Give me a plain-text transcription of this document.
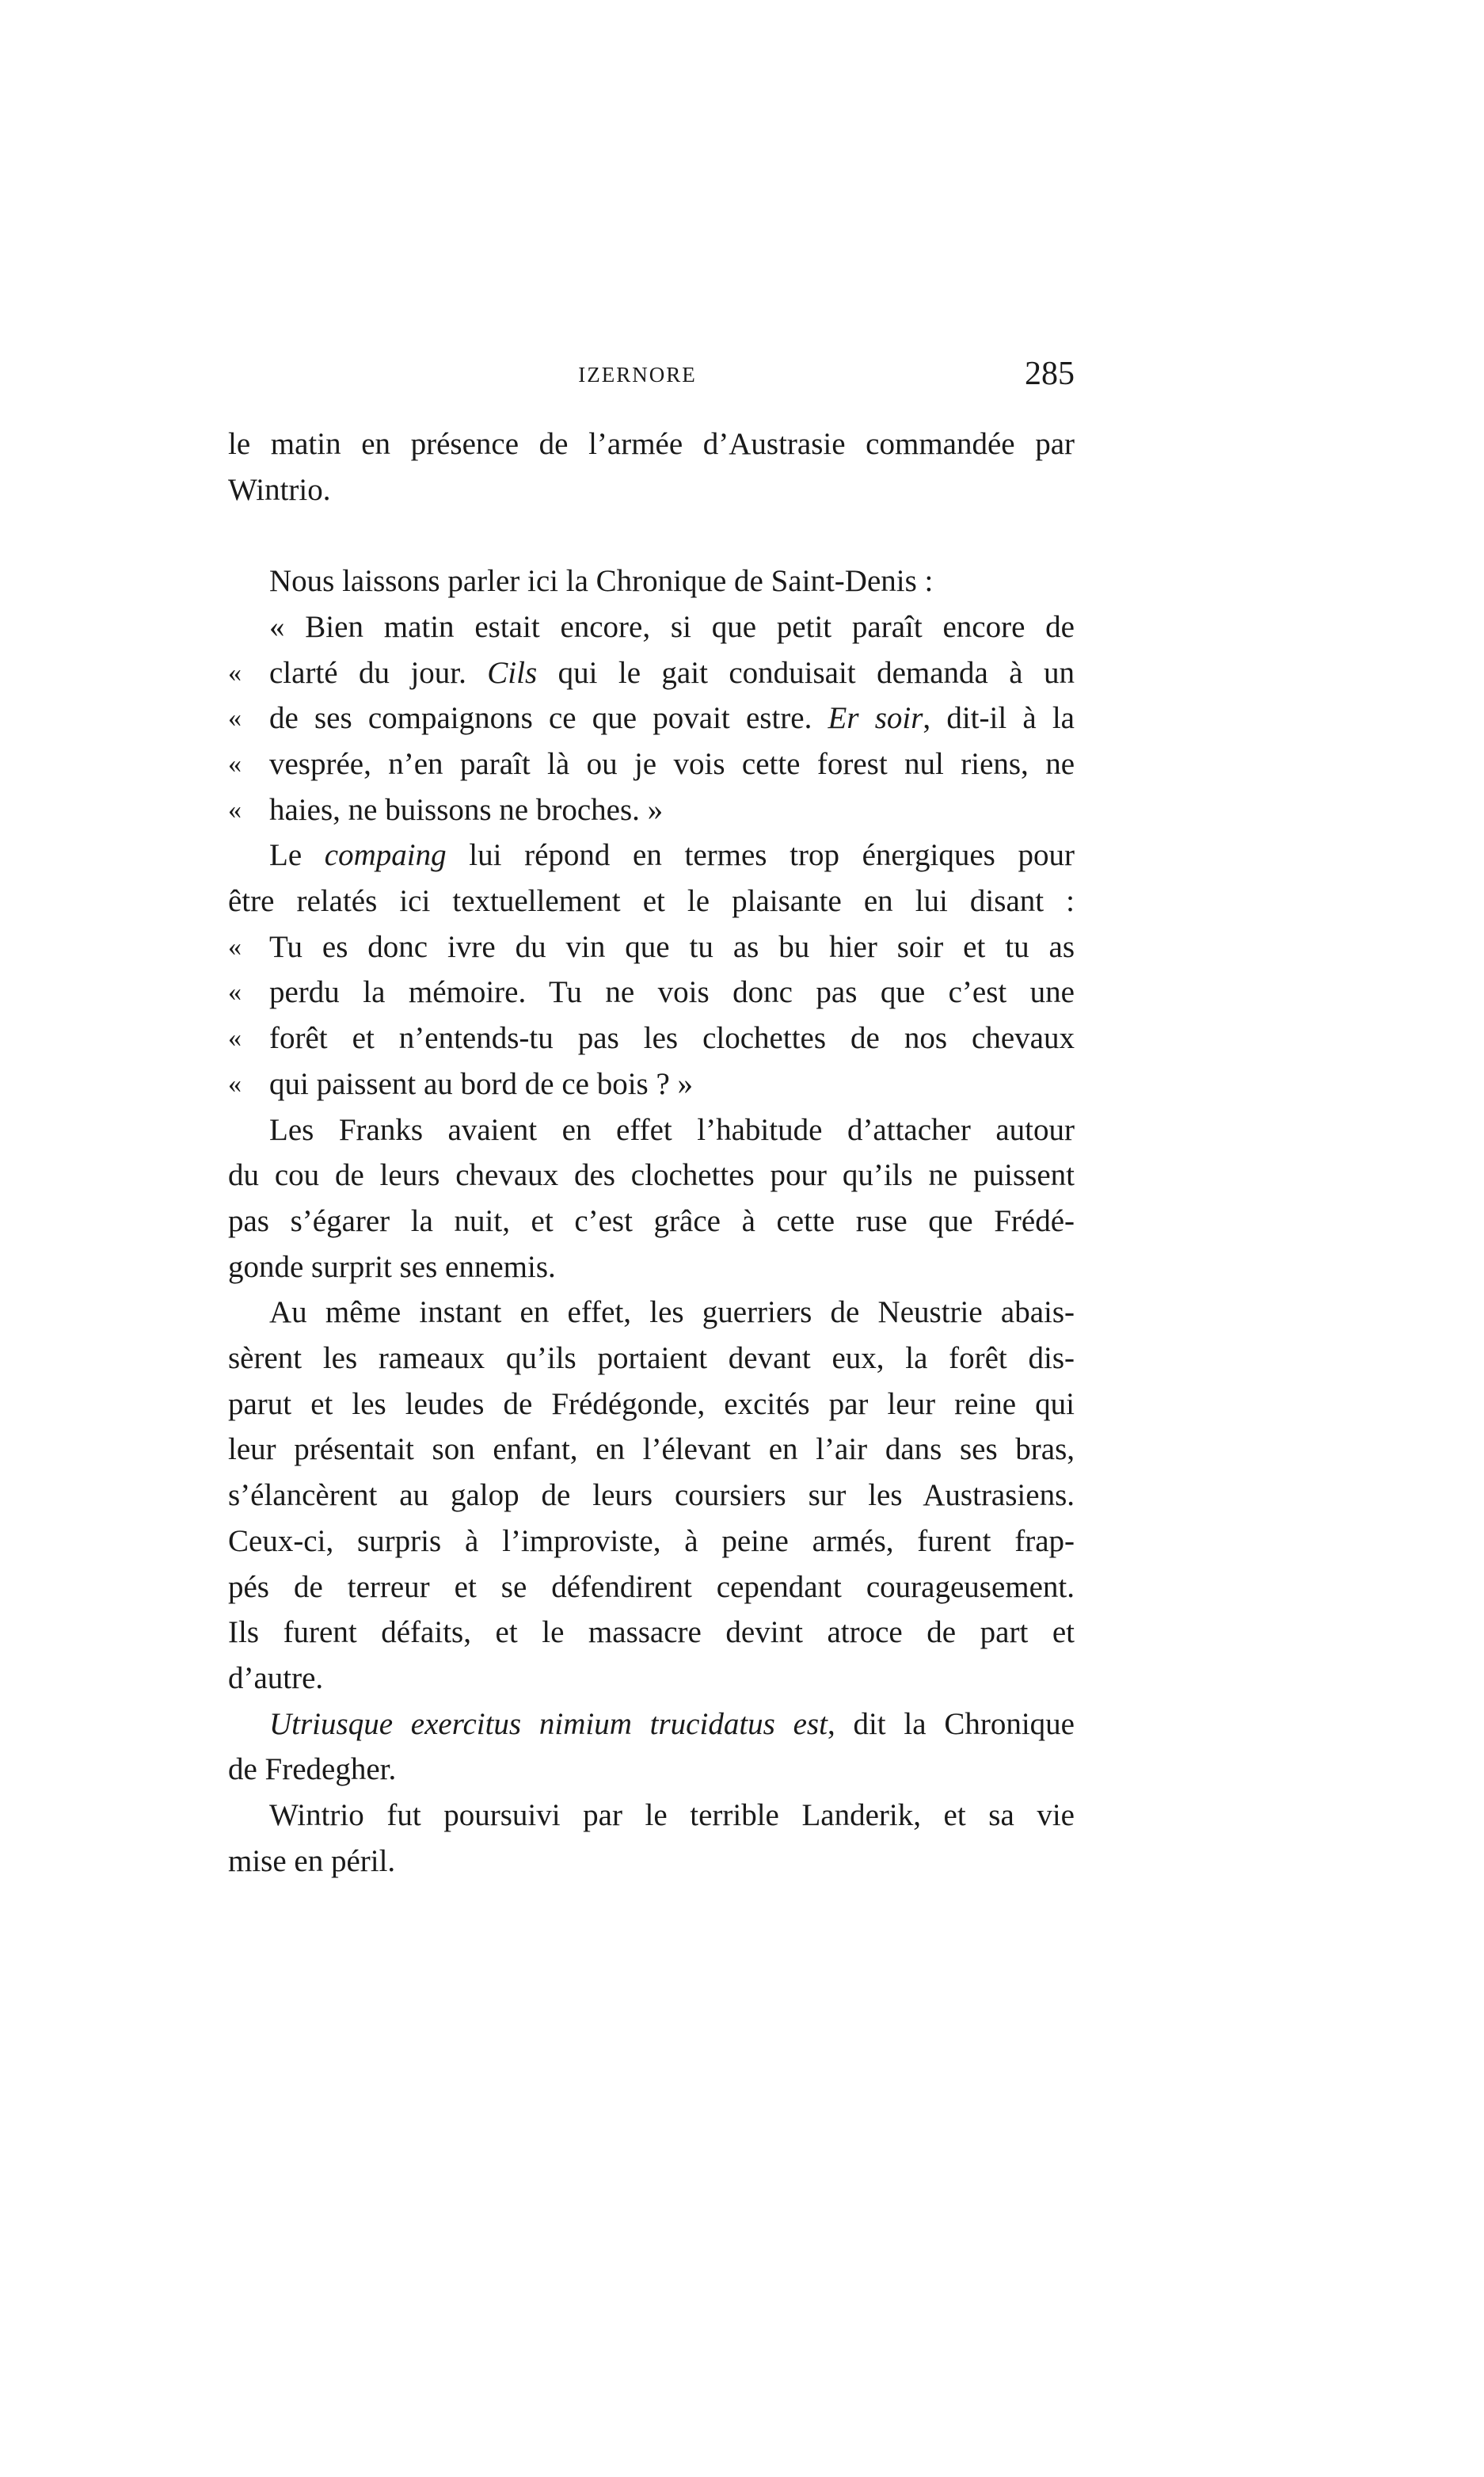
IZERNORE	285
le matin en présence de l’armée d’Austrasie commandée par
Wintrio.
Nous laissons parler ici la Chronique de Saint-Denis :
« Bien matin estait encore, si que petit paraît encore de
« clarté du jour. Cils qui le gait conduisait demanda à un
« de ses compaignons ce que povait estre. Er soir, dit-il à la
« vesprée, n’en paraît là ou je vois cette forest nul riens, ne
« haies, ne buissons ne broches. »
Le compaing lui répond en termes trop énergiques pour
être relatés ici textuellement et le plaisante en lui disant :
« Tu es donc ivre du vin que tu as bu hier soir et tu as
« perdu la mémoire. Tu ne vois donc pas que c’est une
« forêt et n’entends-tu pas les clochettes de nos chevaux
« qui paissent au bord de ce bois ? »
Les Franks avaient en effet l’habitude d’attacher autour
du cou de leurs chevaux des clochettes pour qu’ils ne puissent
pas s’égarer la nuit, et c’est grâce à cette ruse que Frédé-
gonde surprit ses ennemis.
Au même instant en effet, les guerriers de Neustrie abais-
sèrent les rameaux qu’ils portaient devant eux, la forêt dis-
parut et les leudes de Frédégonde, excités par leur reine qui
leur présentait son enfant, en l’élevant en l’air dans ses bras,
s’élancèrent au galop de leurs coursiers sur les Austrasiens.
Ceux-ci, surpris à l’improviste, à peine armés, furent frap-
pés de terreur et se défendirent cependant courageusement.
Ils furent défaits, et le massacre devint atroce de part et
d’autre.
Utriusque exercitus nimium trucidatus est, dit la Chronique
de Fredegher.
Wintrio fut poursuivi par le terrible Landerik, et sa vie
mise en péril.
